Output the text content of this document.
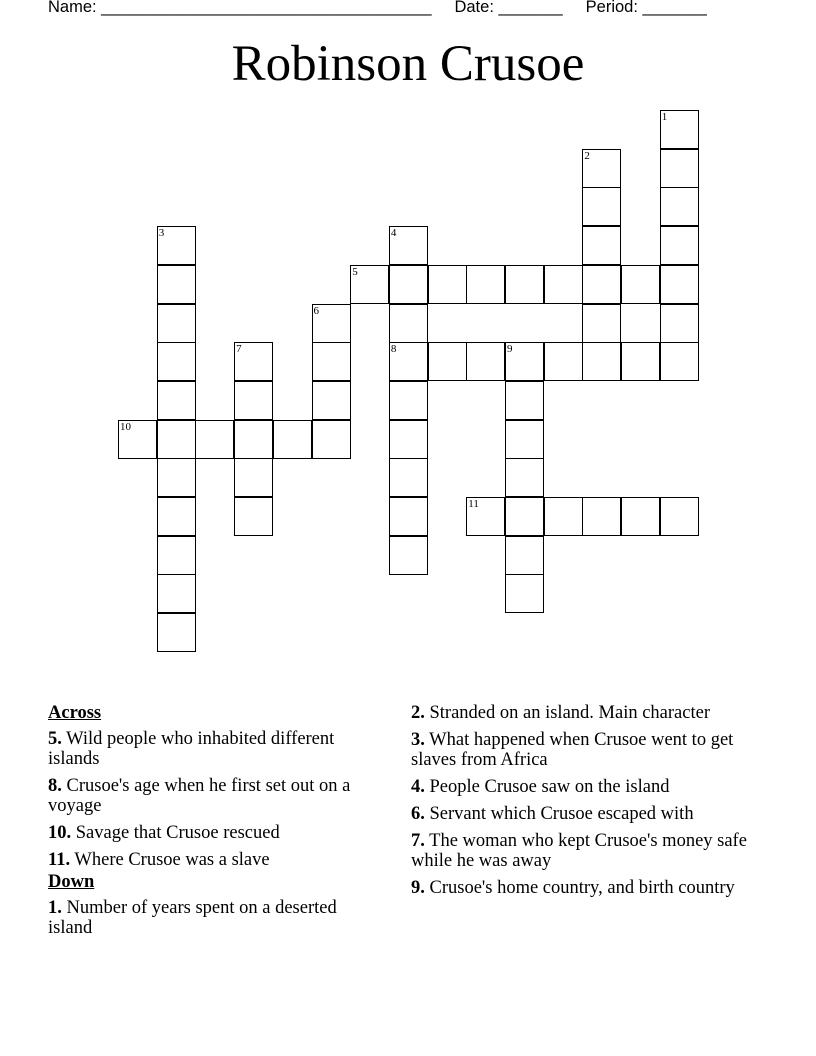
Name: ____________________________________ Date: _______ Period: _______
Robinson Crusoe
1
2
3	4
8
5
6
7	9
10
11
Across
5. Wild people who inhabited different islands
8. Crusoe's age when he first set out on a voyage
10. Savage that Crusoe rescued
11. Where Crusoe was a slave
Down
1. Number of years spent on a deserted island
2. Stranded on an island. Main character
3. What happened when Crusoe went to get slaves from Africa
4. People Crusoe saw on the island
6. Servant which Crusoe escaped with
7. The woman who kept Crusoe's money safe while he was away
9. Crusoe's home country, and birth country
